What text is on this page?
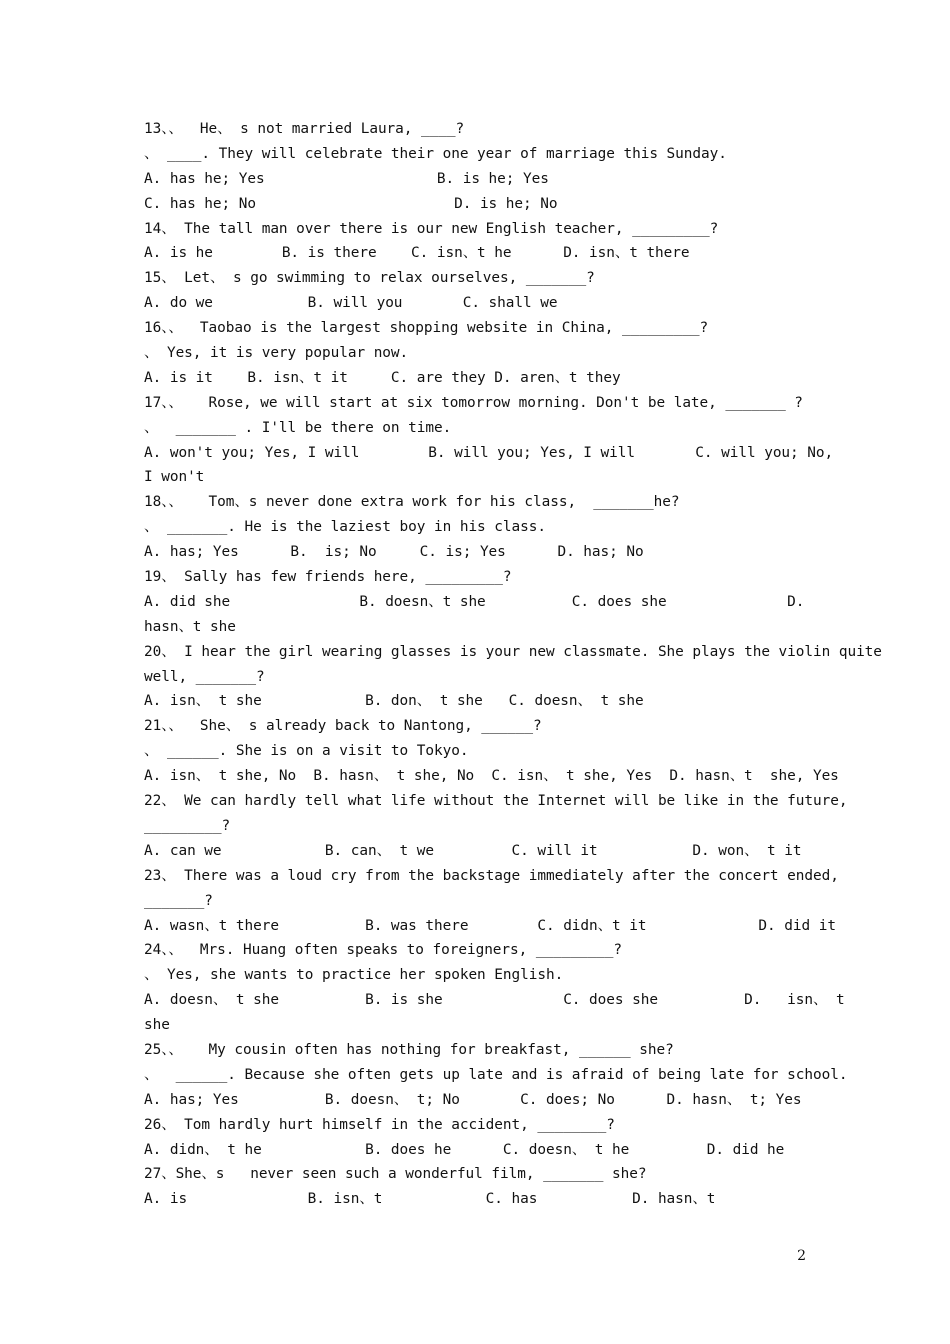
13、、  He、 s not married Laura, ____?
、 ____. They will celebrate their one year of marriage this Sunday.
A. has he; Yes                    B. is he; Yes
C. has he; No                       D. is he; No
14、 The tall man over there is our new English teacher, _________?
A. is he        B. is there    C. isn、t he      D. isn、t there
15、 Let、 s go swimming to relax ourselves, _______?
A. do we           B. will you       C. shall we
16、、  Taobao is the largest shopping website in China, _________?
、 Yes, it is very popular now.
A. is it    B. isn、t it     C. are they D. aren、t they
17、、   Rose, we will start at six tomorrow morning. Don't be late, _______ ?
、  _______ . I'll be there on time.
A. won't you; Yes, I will        B. will you; Yes, I will       C. will you; No,
I won't
18、、   Tom、s never done extra work for his class,  _______he?
、 _______. He is the laziest boy in his class.
A. has; Yes      B.  is; No     C. is; Yes      D. has; No
19、 Sally has few friends here, _________?
A. did she               B. doesn、t she          C. does she              D.
hasn、t she
20、 I hear the girl wearing glasses is your new classmate. She plays the violin quite
well, _______?
A. isn、 t she            B. don、 t she   C. doesn、 t she
21、、  She、 s already back to Nantong, ______?
、 ______. She is on a visit to Tokyo.
A. isn、 t she, No  B. hasn、 t she, No  C. isn、 t she, Yes  D. hasn、t  she, Yes
22、 We can hardly tell what life without the Internet will be like in the future,
_________?
A. can we            B. can、 t we         C. will it           D. won、 t it
23、 There was a loud cry from the backstage immediately after the concert ended,
_______?
A. wasn、t there          B. was there        C. didn、t it             D. did it
24、、  Mrs. Huang often speaks to foreigners, _________?
、 Yes, she wants to practice her spoken English.
A. doesn、 t she          B. is she              C. does she          D.   isn、 t
she
25、、   My cousin often has nothing for breakfast, ______ she?
、  ______. Because she often gets up late and is afraid of being late for school.
A. has; Yes          B. doesn、 t; No       C. does; No      D. hasn、 t; Yes
26、 Tom hardly hurt himself in the accident, ________?
A. didn、 t he            B. does he      C. doesn、 t he         D. did he
27、She、s   never seen such a wonderful film, _______ she?
A. is              B. isn、t            C. has           D. hasn、t
2
